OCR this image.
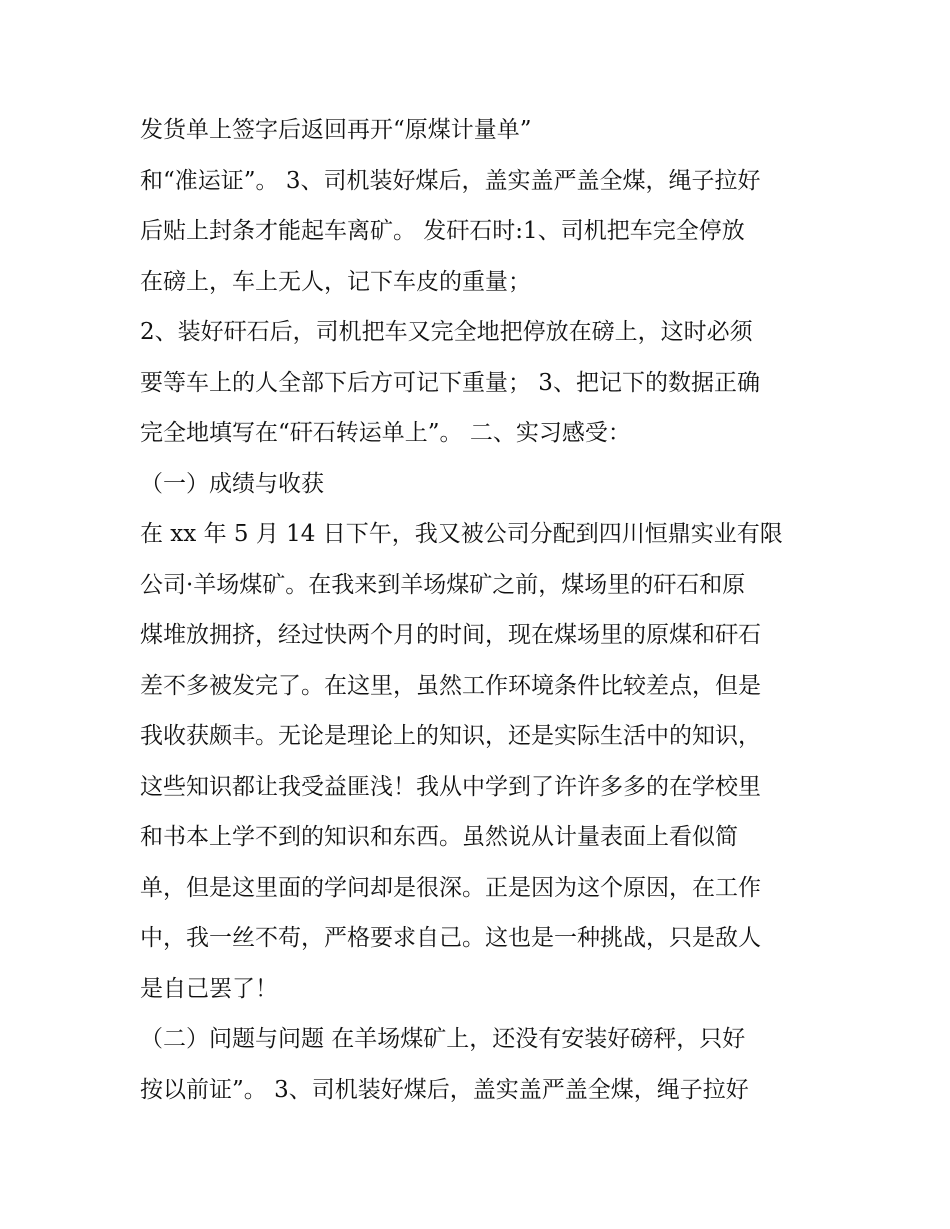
发货单上签字后返回再开“原煤计量单”
和“准运证”。 3、司机装好煤后，盖实盖严盖全煤，绳子拉好
后贴上封条才能起车离矿。 发矸石时:1、司机把车完全停放
在磅上，车上无人，记下车皮的重量；
2、装好矸石后，司机把车又完全地把停放在磅上，这时必须
要等车上的人全部下后方可记下重量； 3、把记下的数据正确
完全地填写在“矸石转运单上”。 二、实习感受：
（一）成绩与收获
在 xx 年 5 月 14 日下午，我又被公司分配到四川恒鼎实业有限
公司·羊场煤矿。在我来到羊场煤矿之前，煤场里的矸石和原
煤堆放拥挤，经过快两个月的时间，现在煤场里的原煤和矸石
差不多被发完了。在这里，虽然工作环境条件比较差点，但是
我收获颇丰。无论是理论上的知识，还是实际生活中的知识，
这些知识都让我受益匪浅！我从中学到了许许多多的在学校里
和书本上学不到的知识和东西。虽然说从计量表面上看似简
单，但是这里面的学问却是很深。正是因为这个原因，在工作
中，我一丝不苟，严格要求自己。这也是一种挑战，只是敌人
是自己罢了！
（二）问题与问题 在羊场煤矿上，还没有安装好磅秤，只好
按以前证”。 3、司机装好煤后，盖实盖严盖全煤，绳子拉好
